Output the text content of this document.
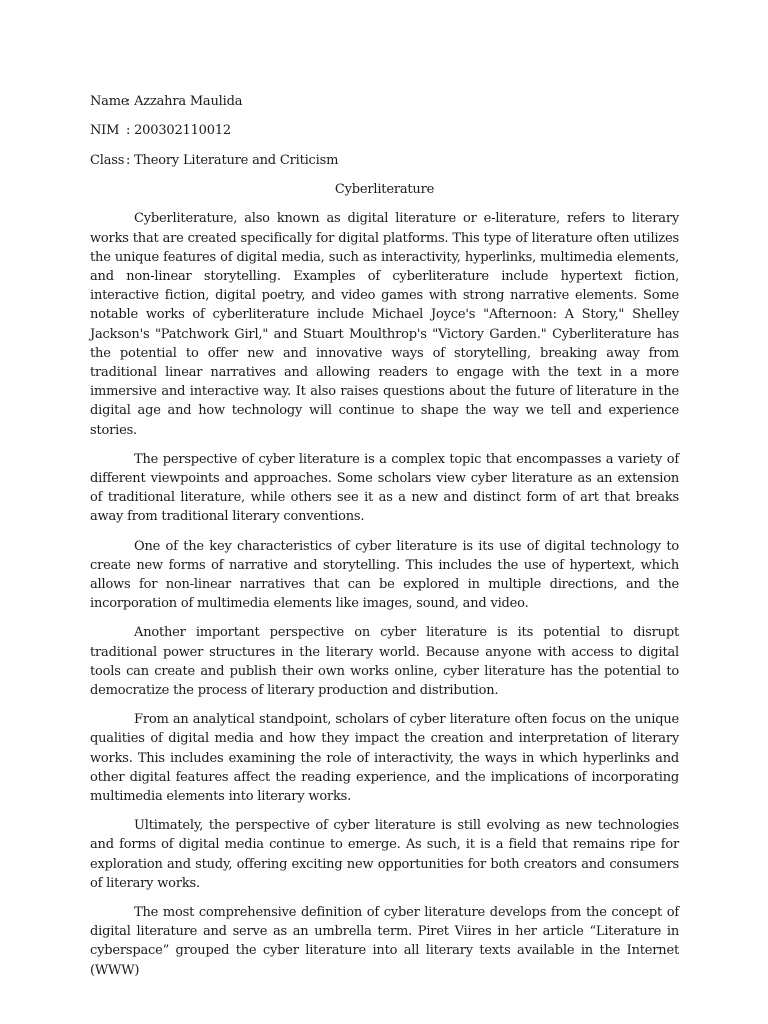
Name
: Azzahra Maulida
NIM : 200302110012
Class : Theory Literature and Criticism
Cyberliterature

Cyberliterature, also known as digital literature or e-literature, refers to literary works that are created specifically for digital platforms. This type of literature often utilizes the unique features of digital media, such as interactivity, hyperlinks, multimedia elements, and non-linear storytelling. Examples of cyberliterature include hypertext fiction, interactive fiction, digital poetry, and video games with strong narrative elements. Some notable works of cyberliterature include Michael Joyce's "Afternoon: A Story," Shelley Jackson's "Patchwork Girl," and Stuart Moulthrop's "Victory Garden." Cyberliterature has the potential to offer new and innovative ways of storytelling, breaking away from traditional linear narratives and allowing readers to engage with the text in a more immersive and interactive way. It also raises questions about the future of literature in the digital age and how technology will continue to shape the way we tell and experience stories.

The perspective of cyber literature is a complex topic that encompasses a variety of different viewpoints and approaches. Some scholars view cyber literature as an extension of traditional literature, while others see it as a new and distinct form of art that breaks away from traditional literary conventions.

One of the key characteristics of cyber literature is its use of digital technology to create new forms of narrative and storytelling. This includes the use of hypertext, which allows for non-linear narratives that can be explored in multiple directions, and the incorporation of multimedia elements like images, sound, and video.

Another important perspective on cyber literature is its potential to disrupt traditional power structures in the literary world. Because anyone with access to digital tools can create and publish their own works online, cyber literature has the potential to democratize the process of literary production and distribution.

From an analytical standpoint, scholars of cyber literature often focus on the unique qualities of digital media and how they impact the creation and interpretation of literary works. This includes examining the role of interactivity, the ways in which hyperlinks and other digital features affect the reading experience, and the implications of incorporating multimedia elements into literary works.

Ultimately, the perspective of cyber literature is still evolving as new technologies and forms of digital media continue to emerge. As such, it is a field that remains ripe for exploration and study, offering exciting new opportunities for both creators and consumers of literary works.

The most comprehensive definition of cyber literature develops from the concept of digital literature and serve as an umbrella term. Piret Viires in her article “Literature in cyberspace” grouped the cyber literature into all literary texts available in the Internet (WWW)
